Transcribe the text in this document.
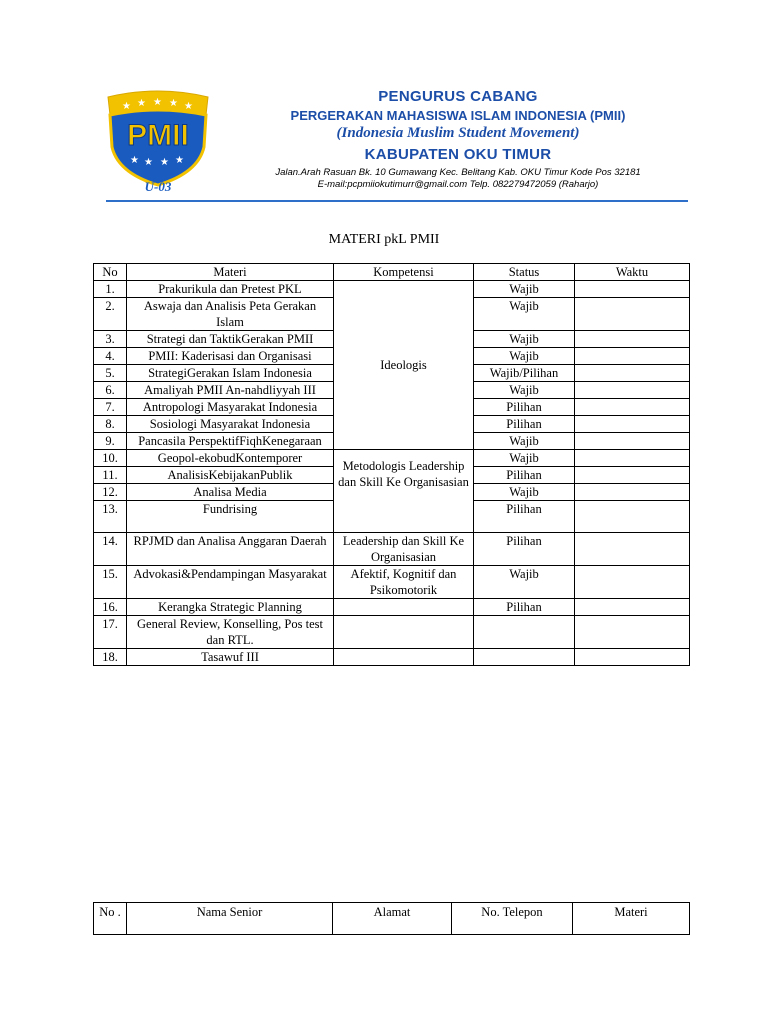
★ ★ ★ ★ ★
PMII
★ ★ ★ ★
U-03
PENGURUS CABANG
PERGERAKAN MAHASISWA ISLAM INDONESIA (PMII)
(Indonesia Muslim Student Movement)
KABUPATEN OKU TIMUR
Jalan.Arah Rasuan Bk. 10 Gumawang Kec. Belitang Kab. OKU Timur Kode Pos 32181
E-mail:pcpmiiokutimurr@gmail.com Telp. 082279472059 (Raharjo)
MATERI pkL PMII
No	Materi	Kompetensi	Status	Waktu
1.	Prakurikula dan Pretest PKL	Ideologis	Wajib	
2.	Aswaja dan Analisis Peta Gerakan Islam		Wajib	
3.	Strategi dan TaktikGerakan PMII		Wajib	
4.	PMII: Kaderisasi dan Organisasi		Wajib	
5.	StrategiGerakan Islam Indonesia		Wajib/Pilihan	
6.	Amaliyah PMII An-nahdliyyah III		Wajib	
7.	Antropologi Masyarakat Indonesia		Pilihan	
8.	Sosiologi Masyarakat Indonesia		Pilihan	
9.	Pancasila PerspektifFiqhKenegaraan		Wajib	
10.	Geopol-ekobudKontemporer	Metodologis Leadership dan Skill Ke Organisasian	Wajib	
11.	AnalisisKebijakanPublik		Pilihan	
12.	Analisa Media		Wajib	
13.	Fundrising		Pilihan	
14.	RPJMD dan Analisa Anggaran Daerah	Leadership dan Skill Ke Organisasian	Pilihan	
15.	Advokasi&Pendampingan Masyarakat	Afektif, Kognitif dan Psikomotorik	Wajib	
16.	Kerangka Strategic Planning		Pilihan	
17.	General Review, Konselling, Pos test dan RTL.			
18.	Tasawuf III			
No .	Nama Senior	Alamat	No. Telepon	Materi
